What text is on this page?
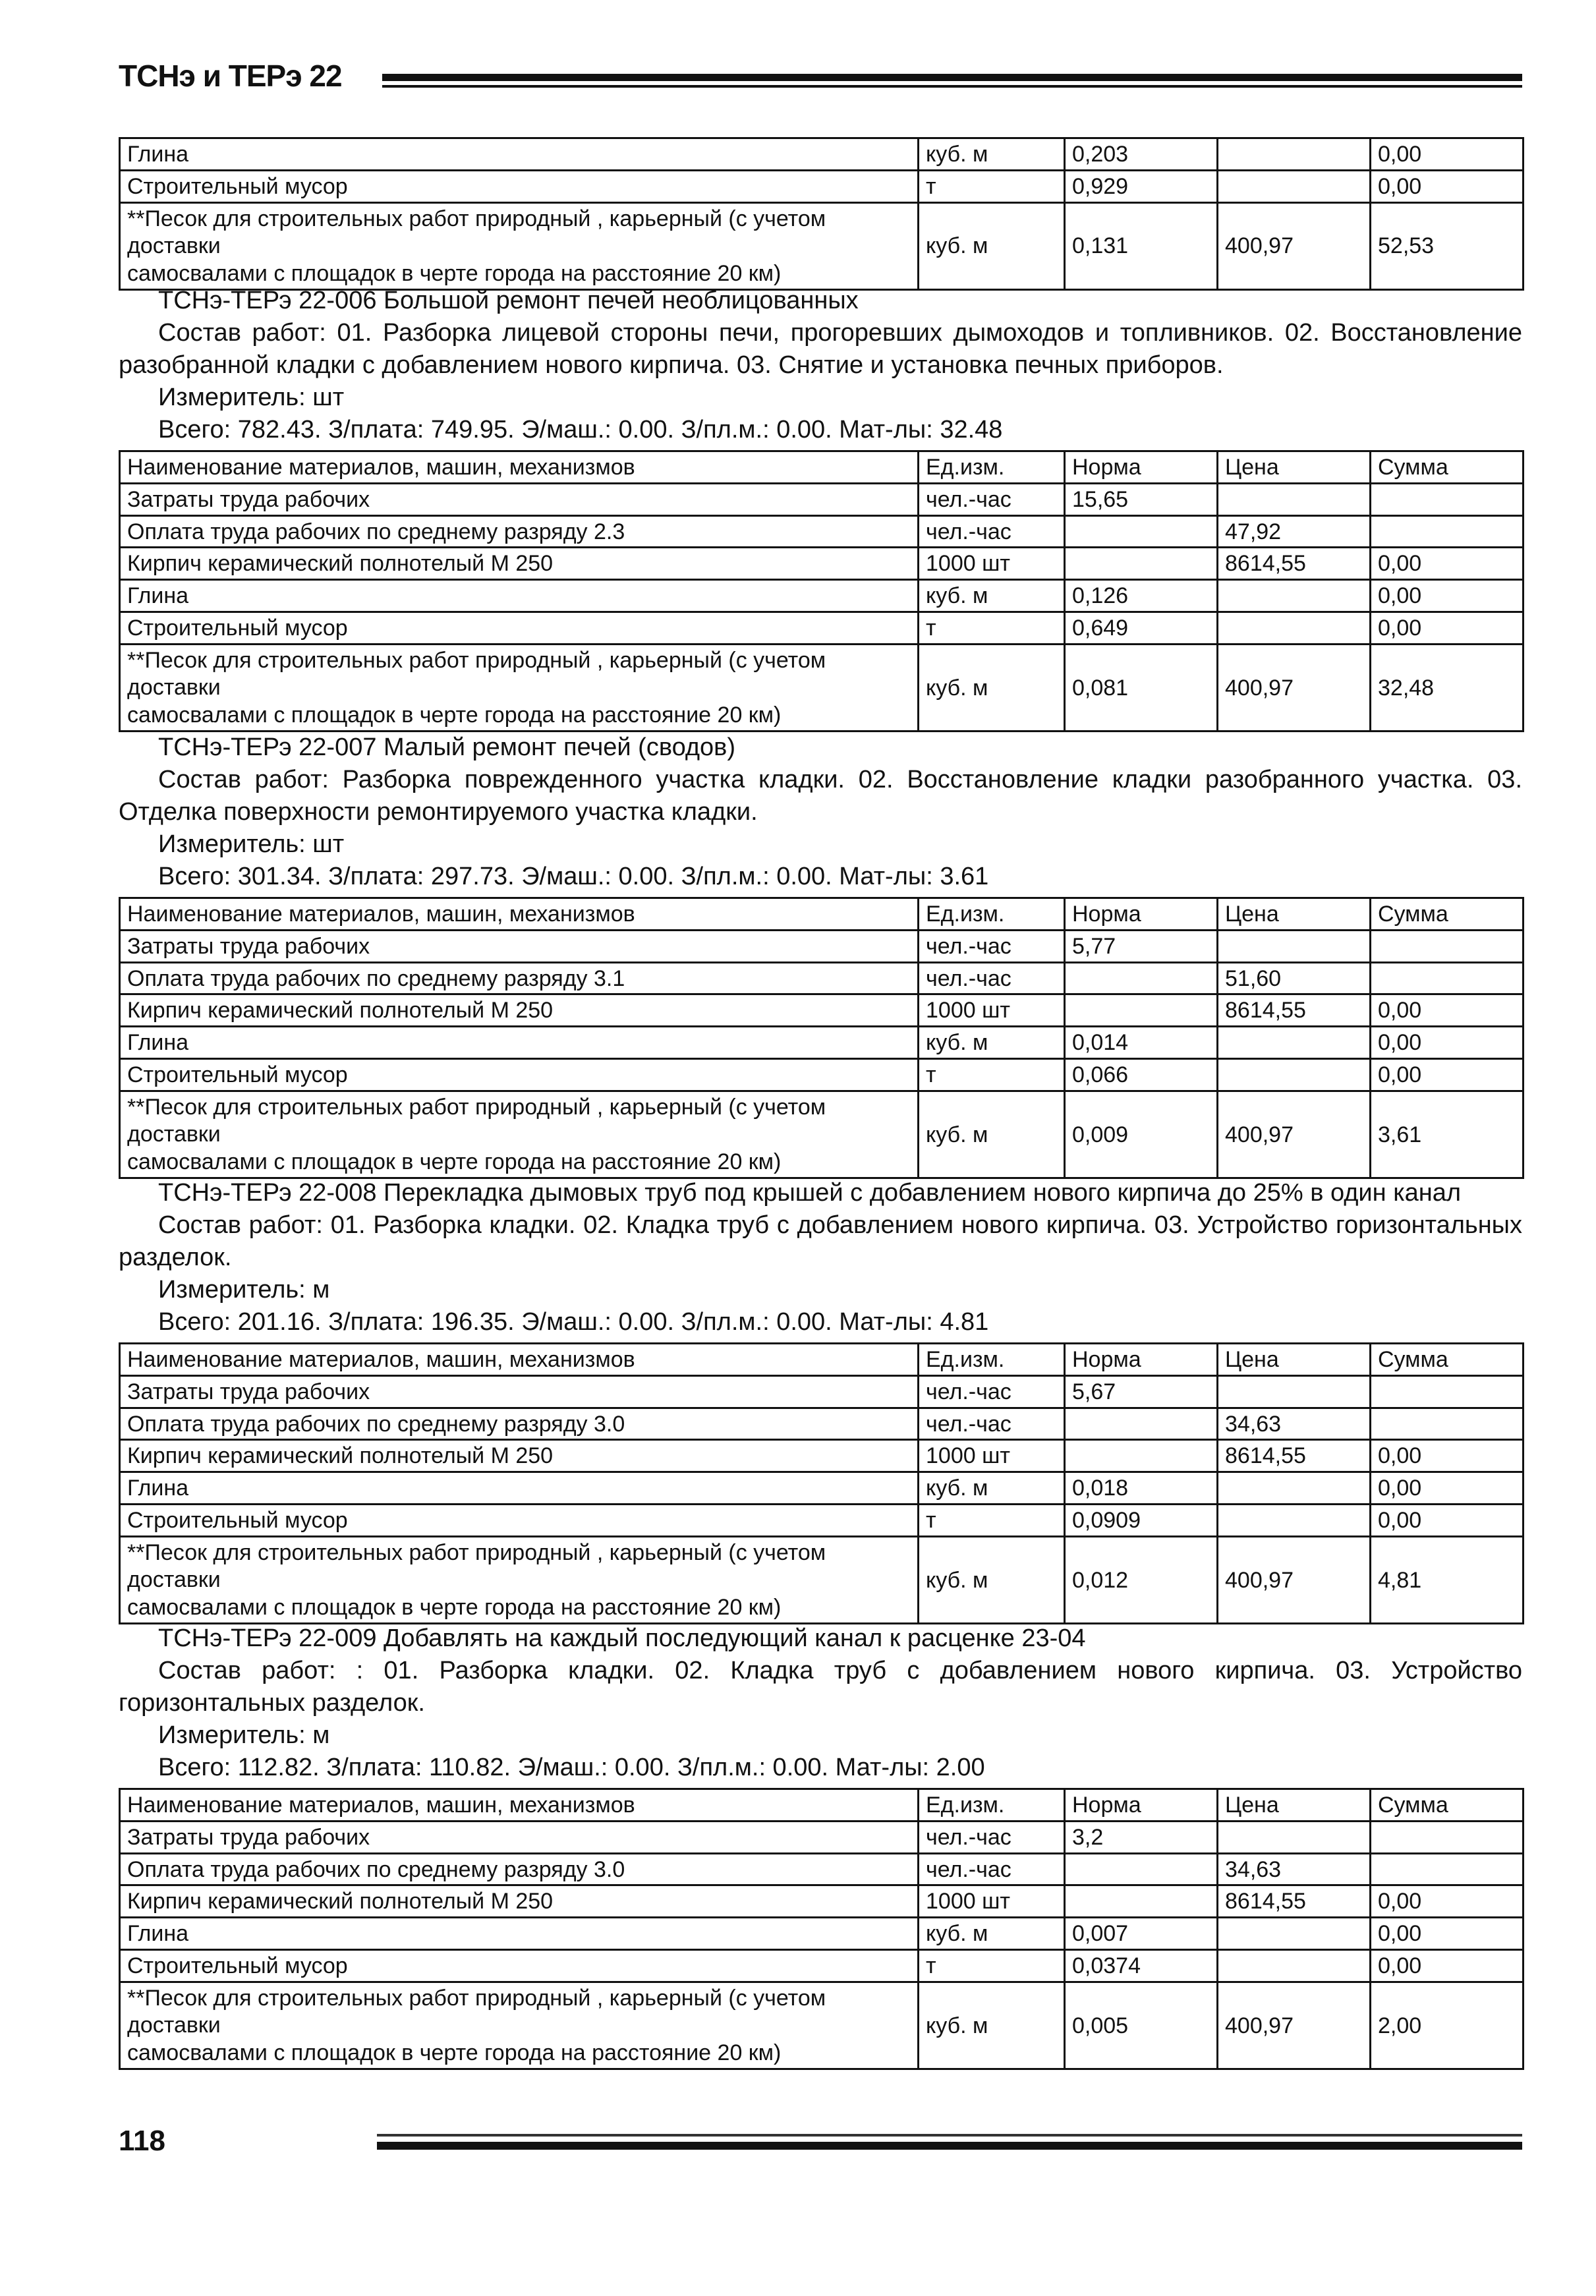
ТСНэ и ТЕРэ 22
Глина	куб. м	0,203		0,00
Строительный мусор	т	0,929		0,00

**Песок для строительных работ природный , карьерный (с учетом доставки
самосвалами с площадок в черте города на расстояние 20 км)	куб. м	0,131	400,97	52,53

ТСНэ-ТЕРэ 22-006 Большой ремонт печей необлицованных

Состав работ: 01. Разборка лицевой стороны печи, прогоревших дымоходов и топливников. 02. Восстановление разобранной кладки с добавлением нового кирпича. 03. Снятие и установка печных приборов.

Измеритель: шт

Всего: 782.43. З/плата: 749.95. Э/маш.: 0.00. З/пл.м.: 0.00. Мат-лы: 32.48

Наименование материалов, машин, механизмов	Ед.изм.	Норма	Цена	Сумма
Затраты труда рабочих	чел.-час	15,65		
Оплата труда рабочих по среднему разряду 2.3	чел.-час		47,92	
Кирпич керамический полнотелый М 250	1000 шт		8614,55	0,00
Глина	куб. м	0,126		0,00
Строительный мусор	т	0,649		0,00

**Песок для строительных работ природный , карьерный (с учетом доставки
самосвалами с площадок в черте города на расстояние 20 км)	куб. м	0,081	400,97	32,48

ТСНэ-ТЕРэ 22-007 Малый ремонт печей (сводов)

Состав работ: Разборка поврежденного участка кладки. 02. Восстановление кладки разобранного участка. 03. Отделка поверхности ремонтируемого участка кладки.

Измеритель: шт

Всего: 301.34. З/плата: 297.73. Э/маш.: 0.00. З/пл.м.: 0.00. Мат-лы: 3.61

Наименование материалов, машин, механизмов	Ед.изм.	Норма	Цена	Сумма
Затраты труда рабочих	чел.-час	5,77		
Оплата труда рабочих по среднему разряду 3.1	чел.-час		51,60	
Кирпич керамический полнотелый М 250	1000 шт		8614,55	0,00
Глина	куб. м	0,014		0,00
Строительный мусор	т	0,066		0,00

**Песок для строительных работ природный , карьерный (с учетом доставки
самосвалами с площадок в черте города на расстояние 20 км)	куб. м	0,009	400,97	3,61

ТСНэ-ТЕРэ 22-008 Перекладка дымовых труб под крышей с добавлением нового кирпича до 25% в один канал

Состав работ: 01. Разборка кладки. 02. Кладка труб с добавлением нового кирпича. 03. Устройство горизонтальных разделок.

Измеритель: м

Всего: 201.16. З/плата: 196.35. Э/маш.: 0.00. З/пл.м.: 0.00. Мат-лы: 4.81

Наименование материалов, машин, механизмов	Ед.изм.	Норма	Цена	Сумма
Затраты труда рабочих	чел.-час	5,67		
Оплата труда рабочих по среднему разряду 3.0	чел.-час		34,63	
Кирпич керамический полнотелый М 250	1000 шт		8614,55	0,00
Глина	куб. м	0,018		0,00
Строительный мусор	т	0,0909		0,00

**Песок для строительных работ природный , карьерный (с учетом доставки
самосвалами с площадок в черте города на расстояние 20 км)	куб. м	0,012	400,97	4,81

ТСНэ-ТЕРэ 22-009 Добавлять на каждый последующий канал к расценке 23-04

Состав работ: : 01. Разборка кладки. 02. Кладка труб с добавлением нового кирпича. 03. Устройство горизонтальных разделок.

Измеритель: м

Всего: 112.82. З/плата: 110.82. Э/маш.: 0.00. З/пл.м.: 0.00. Мат-лы: 2.00

Наименование материалов, машин, механизмов	Ед.изм.	Норма	Цена	Сумма
Затраты труда рабочих	чел.-час	3,2		
Оплата труда рабочих по среднему разряду 3.0	чел.-час		34,63	
Кирпич керамический полнотелый М 250	1000 шт		8614,55	0,00
Глина	куб. м	0,007		0,00
Строительный мусор	т	0,0374		0,00

**Песок для строительных работ природный , карьерный (с учетом доставки
самосвалами с площадок в черте города на расстояние 20 км)	куб. м	0,005	400,97	2,00
118
